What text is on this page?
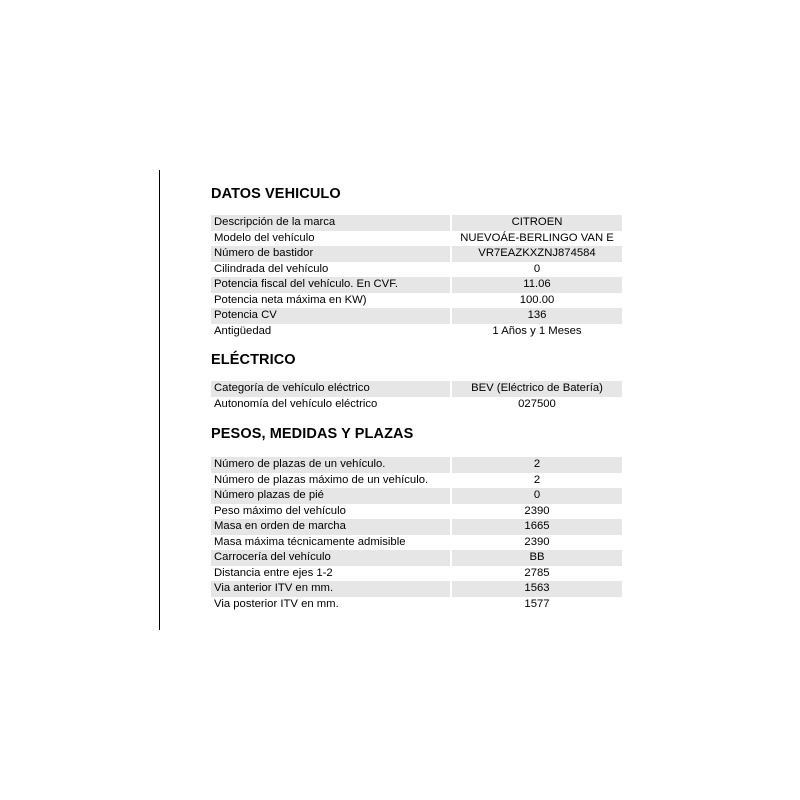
DATOS VEHICULO
Descripción de la marca	CITROEN
Modelo del vehículo	NUEVOÁE-BERLINGO VAN E
Número de bastidor	VR7EAZKXZNJ874584
Cilindrada del vehículo	0
Potencia fiscal del vehículo. En CVF.	11.06
Potencia neta máxima en KW)	100.00
Potencia CV	136
Antigüedad	1 Años y 1 Meses
ELÉCTRICO
Categoría de vehículo eléctrico	BEV (Eléctrico de Batería)
Autonomía del vehículo eléctrico	027500
PESOS, MEDIDAS Y PLAZAS
Número de plazas de un vehículo.	2
Número de plazas máximo de un vehículo.	2
Número plazas de pié	0
Peso máximo del vehículo	2390
Masa en orden de marcha	1665
Masa máxima técnicamente admisible	2390
Carrocería del vehículo	BB
Distancia entre ejes 1-2	2785
Via anterior ITV en mm.	1563
Via posterior ITV en mm.	1577
